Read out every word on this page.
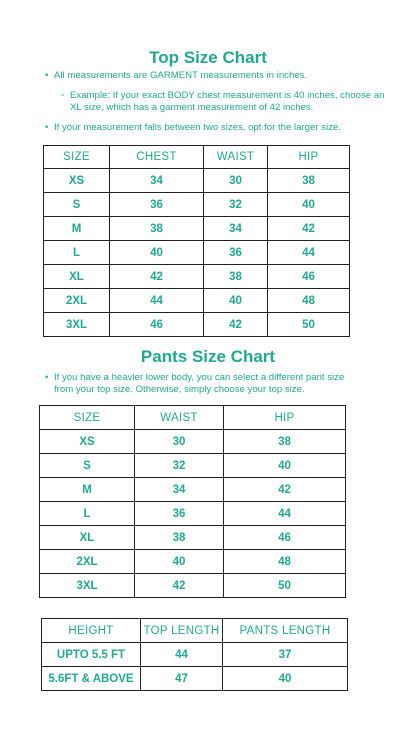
Top Size Chart
• All measurements are GARMENT measurements in inches.
◦ Example: If your exact BODY chest measurement is 40 inches, choose an XL size, which has a garment measurement of 42 inches.
• If your measurement falls between two sizes, opt for the larger size.
SIZE	CHEST	WAIST	HIP
XS	34	30	38
S	36	32	40
M	38	34	42
L	40	36	44
XL	42	38	46
2XL	44	40	48
3XL	46	42	50
Pants Size Chart
• If you have a heavier lower body, you can select a different pant size from your top size. Otherwise, simply choose your top size.
SIZE	WAIST	HIP
XS	30	38
S	32	40
M	34	42
L	36	44
XL	38	46
2XL	40	48
3XL	42	50
HEIGHT	TOP LENGTH	PANTS LENGTH
UPTO 5.5 FT	44	37
5.6FT & ABOVE	47	40
